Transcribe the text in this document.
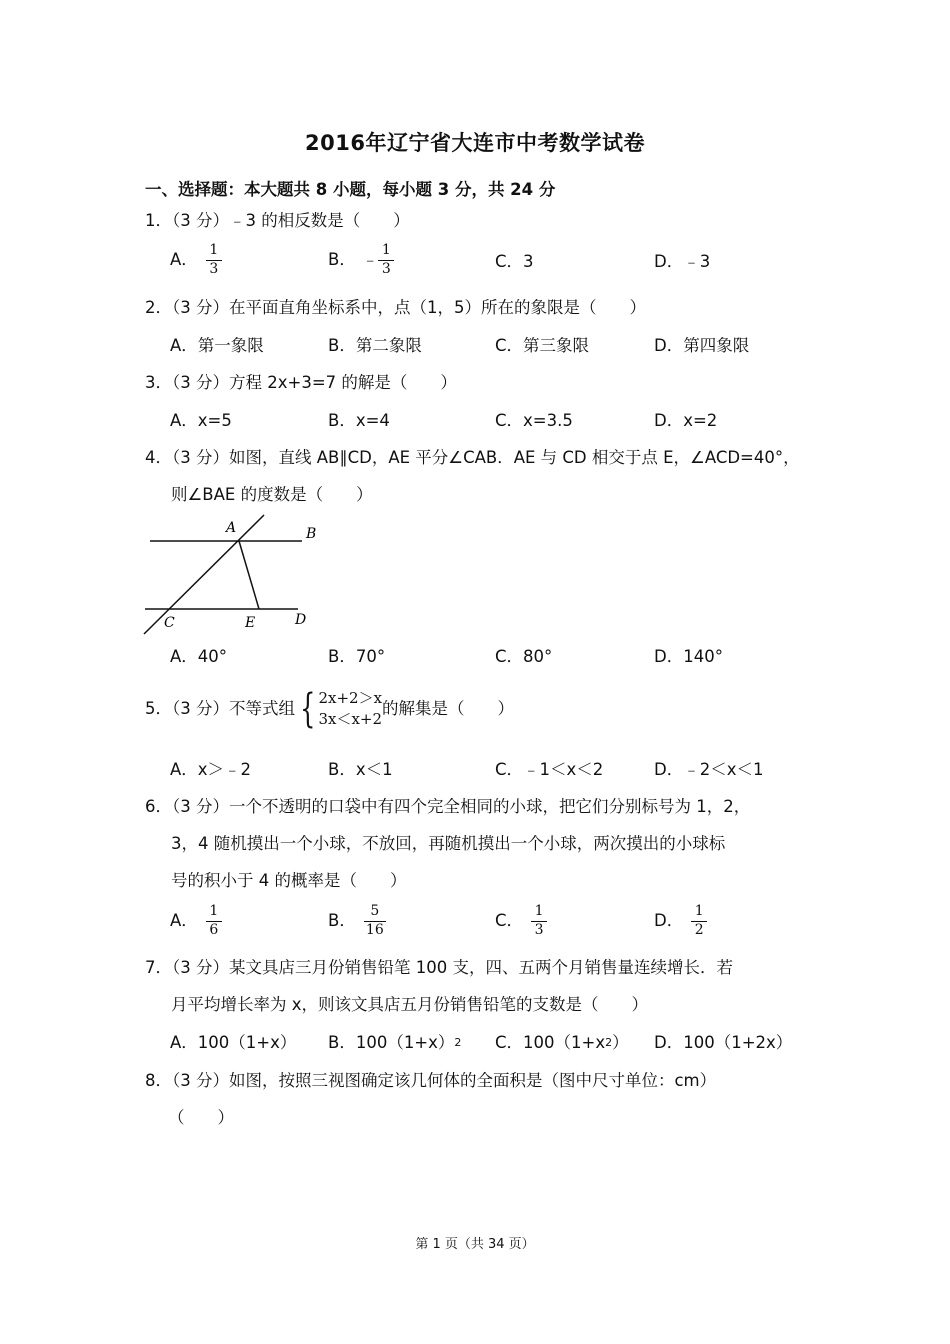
2016年辽宁省大连市中考数学试卷
一、选择题：本大题共 8 小题，每小题 3 分，共 24 分
1．（3 分）﹣3 的相反数是（　　）
A． $\frac{1}{3}$	B． ﹣ $\frac{1}{3}$	C．3	D．﹣3
2．（3 分）在平面直角坐标系中，点（1，5）所在的象限是（　　）
A．第一象限	B．第二象限	C．第三象限	D．第四象限
3．（3 分）方程 2x+3=7 的解是（　　）
A．x=5	B．x=4	C．x=3.5	D．x=2
4．（3 分）如图，直线 AB∥CD，AE 平分∠CAB．AE 与 CD 相交于点 E，∠ACD=40°，
则∠BAE 的度数是（　　）
A	B
C	E	D
A．40°	B．70°	C．80°	D．140°
5．（3 分）不等式组 { 2x+2＞x
3x＜x+2
的解集是（　　）
A．x＞﹣2	B．x＜1	C．﹣1＜x＜2	D．﹣2＜x＜1
6．（3 分）一个不透明的口袋中有四个完全相同的小球，把它们分别标号为 1，2，
3，4 随机摸出一个小球，不放回，再随机摸出一个小球，两次摸出的小球标
号的积小于 4 的概率是（　　）
A． $\frac{1}{6}$	B． $\frac{5}{16}$	C． $\frac{1}{3}$	D． $\frac{1}{2}$
7．（3 分）某文具店三月份销售铅笔 100 支，四、五两个月销售量连续增长．若
月平均增长率为 x，则该文具店五月份销售铅笔的支数是（　　）
A．100（1+x） B．100（1+x） 2 C．100（1+x 2 ） D．100（1+2x）
8．（3 分）如图，按照三视图确定该几何体的全面积是（图中尺寸单位：cm）
（　　）
第 1 页（共 34 页）
